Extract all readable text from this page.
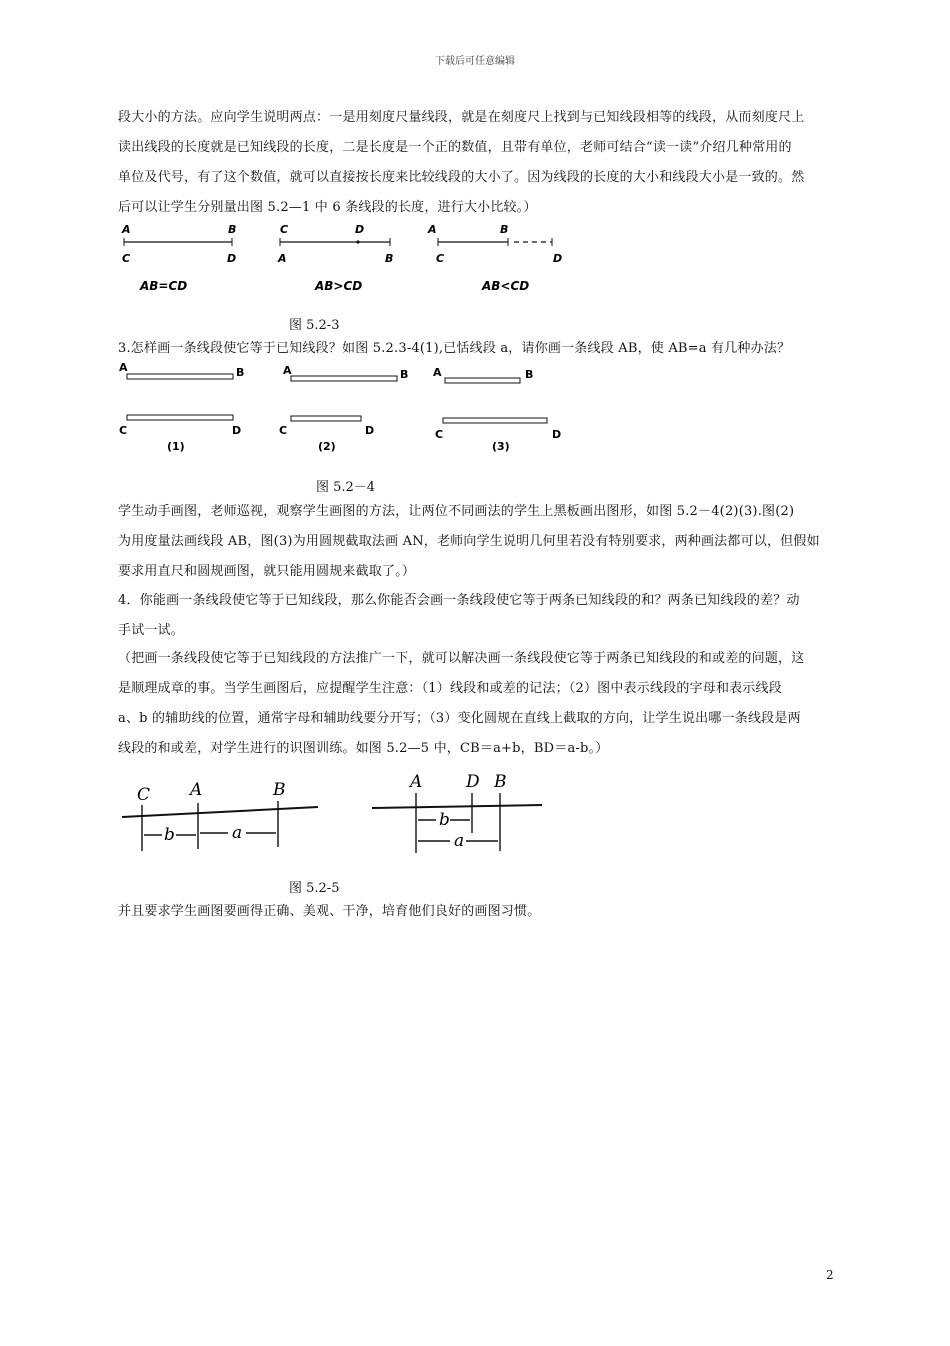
下载后可任意编辑
段大小的方法。应向学生说明两点：一是用刻度尺量线段，就是在刻度尺上找到与已知线段相等的线段，从而刻度尺上
读出线段的长度就是已知线段的长度，二是长度是一个正的数值，且带有单位，老师可结合“读一读”介绍几种常用的
单位及代号，有了这个数值，就可以直接按长度来比较线段的大小了。因为线段的长度的大小和线段大小是一致的。然
后可以让学生分别量出图 5.2—1 中 6 条线段的长度，进行大小比较。）
A	B
C	D
AB=CD
C	D
A	B
AB>CD
A	B
C	D
AB<CD
图 5.2-3
3.怎样画一条线段使它等于已知线段？如图 5.2.3-4(1),已恬线段 a，请你画一条线段 AB，使 AB=a 有几种办法？
A	B
C	D
(1)
A	B
C	D
(2)
A	B
C	D
(3)
图 5.2－4
学生动手画图，老师巡视，观察学生画图的方法，让两位不同画法的学生上黑板画出图形，如图 5.2－4(2)(3).图(2)
为用度量法画线段 AB，图(3)为用圆规截取法画 AN，老师向学生说明几何里若没有特别要求，两种画法都可以，但假如
要求用直尺和圆规画图，就只能用圆规来截取了。）
4．你能画一条线段使它等于已知线段，那么你能否会画一条线段使它等于两条已知线段的和？两条已知线段的差？动
手试一试。
（把画一条线段使它等于已知线段的方法推广一下，就可以解决画一条线段使它等于两条已知线段的和或差的问题，这
是顺理成章的事。当学生画图后，应提醒学生注意：（1）线段和或差的记法；（2）图中表示线段的字母和表示线段
a、b 的辅助线的位置，通常字母和辅助线要分开写；（3）变化圆规在直线上截取的方向，让学生说出哪一条线段是两
线段的和或差，对学生进行的识图训练。如图 5.2—5 中，CB＝a+b，BD＝a-b。）
C A	B
b	a
A	D B
b
a
图 5.2-5
并且要求学生画图要画得正确、美观、干净，培育他们良好的画图习惯。
2
